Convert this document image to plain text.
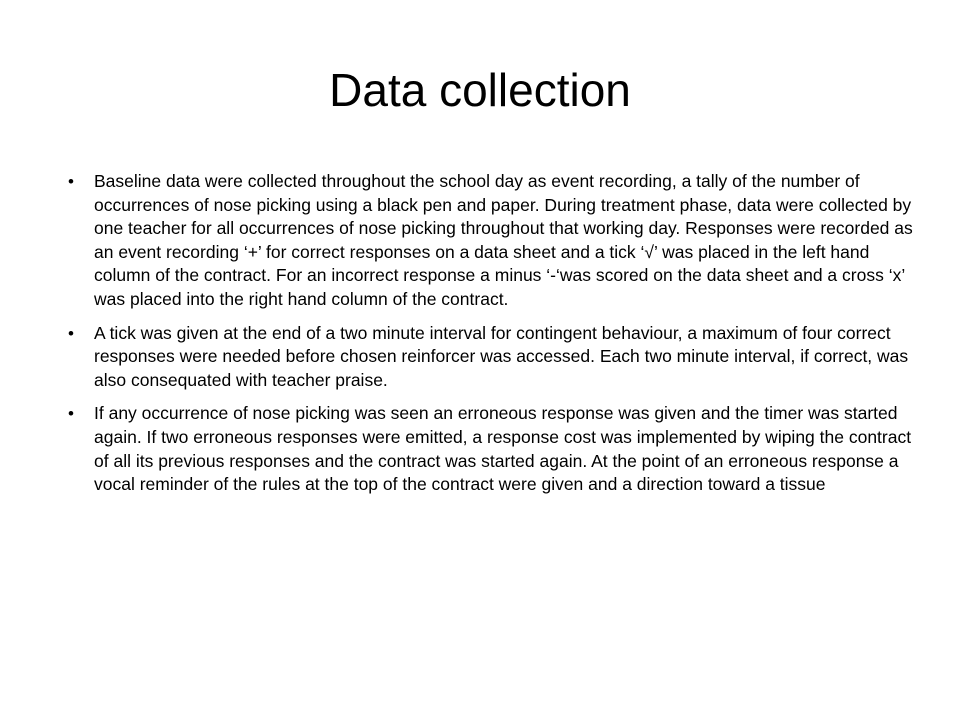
Data collection
•	Baseline data were collected throughout the school day as event recording, a tally of the number of occurrences of nose picking using a black pen and paper. During treatment phase, data were collected by one teacher for all occurrences of nose picking throughout that working day. Responses were recorded as an event recording ‘+’ for correct responses on a data sheet and a tick ‘√’ was placed in the left hand column of the contract. For an incorrect response a minus ‘-‘was scored on the data sheet and a cross ‘x’ was placed into the right hand column of the contract.
•	A tick was given at the end of a two minute interval for contingent behaviour, a maximum of four correct responses were needed before chosen reinforcer was accessed. Each two minute interval, if correct, was also consequated with teacher praise.
•	If any occurrence of nose picking was seen an erroneous response was given and the timer was started again. If two erroneous responses were emitted, a response cost was implemented by wiping the contract of all its previous responses and the contract was started again. At the point of an erroneous response a vocal reminder of the rules at the top of the contract were given and a direction toward a tissue
